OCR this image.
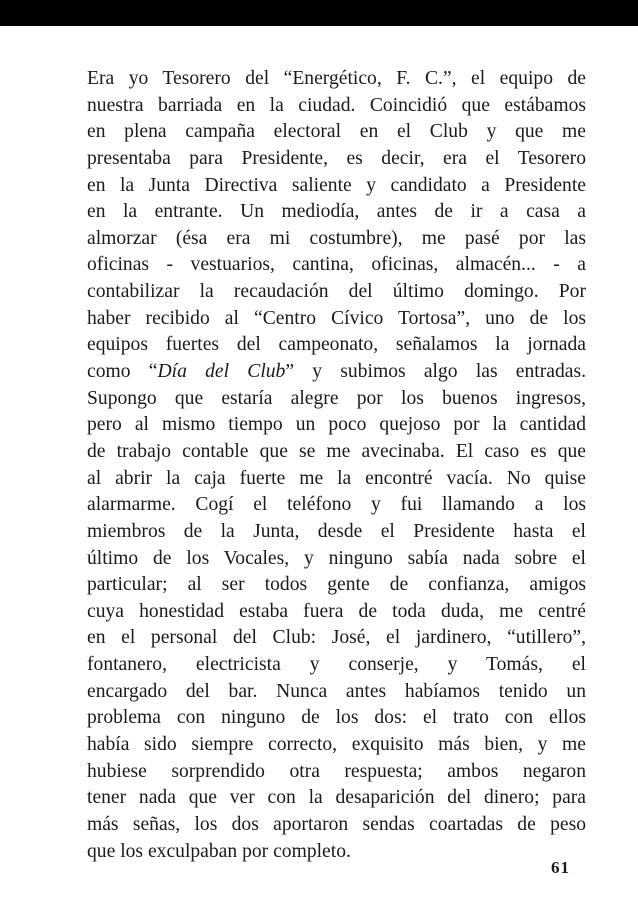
Era yo Tesorero del “Energético, F. C.”, el equipo de
nuestra barriada en la ciudad. Coincidió que estábamos
en plena campaña electoral en el Club y que me
presentaba para Presidente, es decir, era el Tesorero
en la Junta Directiva saliente y candidato a Presidente
en la entrante. Un mediodía, antes de ir a casa a
almorzar (ésa era mi costumbre), me pasé por las
oficinas - vestuarios, cantina, oficinas, almacén... - a
contabilizar la recaudación del último domingo. Por
haber recibido al “Centro Cívico Tortosa”, uno de los
equipos fuertes del campeonato, señalamos la jornada
como “Día del Club” y subimos algo las entradas.
Supongo que estaría alegre por los buenos ingresos,
pero al mismo tiempo un poco quejoso por la cantidad
de trabajo contable que se me avecinaba. El caso es que
al abrir la caja fuerte me la encontré vacía. No quise
alarmarme. Cogí el teléfono y fui llamando a los
miembros de la Junta, desde el Presidente hasta el
último de los Vocales, y ninguno sabía nada sobre el
particular; al ser todos gente de confianza, amigos
cuya honestidad estaba fuera de toda duda, me centré
en el personal del Club: José, el jardinero, “utillero”,
fontanero, electricista y conserje, y Tomás, el
encargado del bar. Nunca antes habíamos tenido un
problema con ninguno de los dos: el trato con ellos
había sido siempre correcto, exquisito más bien, y me
hubiese sorprendido otra respuesta; ambos negaron
tener nada que ver con la desaparición del dinero; para
más señas, los dos aportaron sendas coartadas de peso
que los exculpaban por completo.
61
